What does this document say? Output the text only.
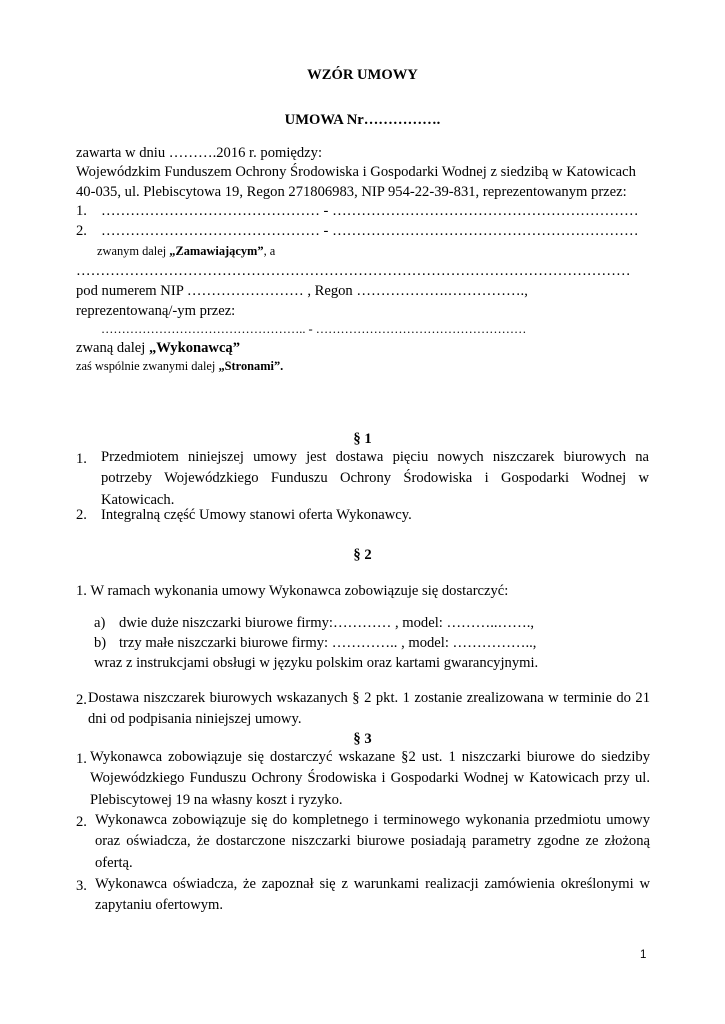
WZÓR UMOWY
UMOWA Nr…………….
zawarta w dniu ……….2016 r. pomiędzy:
Wojewódzkim Funduszem Ochrony Środowiska i Gospodarki Wodnej z siedzibą w Katowicach
40-035, ul. Plebiscytowa 19, Regon 271806983, NIP 954-22-39-831, reprezentowanym przez:
1. ……………………………………… - ………………………………………………………
2. ……………………………………… - ………………………………………………………
zwanym dalej „Zamawiającym”, a
……………………………………………………………………………………………………
pod numerem NIP …………………… , Regon ……………….…………….,
reprezentowaną/-ym przez:
………………………………………….. - ……………………………………………
zwaną dalej „Wykonawcą”
zaś wspólnie zwanymi dalej „Stronami”.
§ 1
1. Przedmiotem niniejszej umowy jest dostawa pięciu nowych niszczarek biurowych na potrzeby Wojewódzkiego Funduszu Ochrony Środowiska i Gospodarki Wodnej w Katowicach.
2. Integralną część Umowy stanowi oferta Wykonawcy.
§ 2
1. W ramach wykonania umowy Wykonawca zobowiązuje się dostarczyć:
a) dwie duże niszczarki biurowe firmy:………… , model: ………..…….,
b) trzy małe niszczarki biurowe firmy: ………….. , model: ……………..,
wraz z instrukcjami obsługi w języku polskim oraz kartami gwarancyjnymi.
2. Dostawa niszczarek biurowych wskazanych § 2 pkt. 1 zostanie zrealizowana w terminie do 21 dni od podpisania niniejszej umowy.
§ 3
1. Wykonawca zobowiązuje się dostarczyć wskazane §2 ust. 1 niszczarki biurowe do siedziby Wojewódzkiego Funduszu Ochrony Środowiska i Gospodarki Wodnej w Katowicach przy ul. Plebiscytowej 19 na własny koszt i ryzyko.
2. Wykonawca zobowiązuje się do kompletnego i terminowego wykonania przedmiotu umowy oraz oświadcza, że dostarczone niszczarki biurowe posiadają parametry zgodne ze złożoną ofertą.
3. Wykonawca oświadcza, że zapoznał się z warunkami realizacji zamówienia określonymi w zapytaniu ofertowym.
1
